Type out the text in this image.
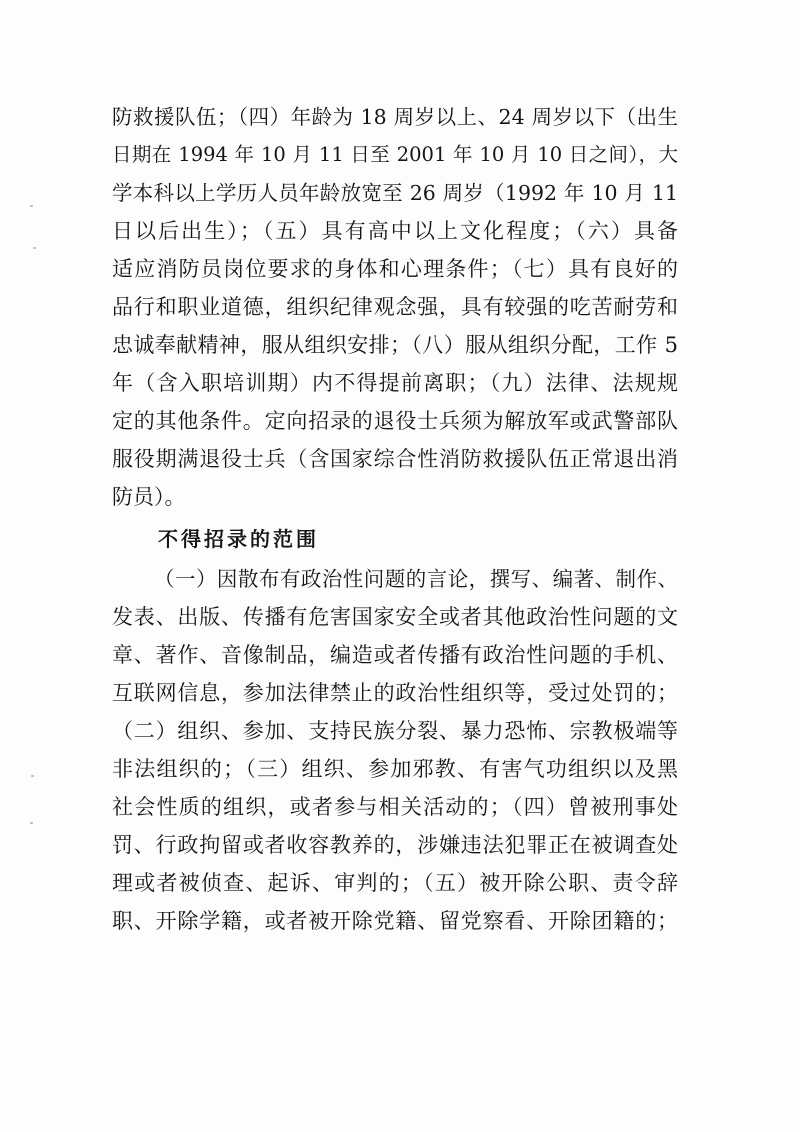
防救援队伍；（四）年龄为 18 周岁以上、24 周岁以下（出生
日期在 1994 年 10 月 11 日至 2001 年 10 月 10 日之间），大
学本科以上学历人员年龄放宽至 26 周岁（1992 年 10 月 11
日以后出生）；（五）具有高中以上文化程度；（六）具备
适应消防员岗位要求的身体和心理条件；（七）具有良好的
品行和职业道德，组织纪律观念强，具有较强的吃苦耐劳和
忠诚奉献精神，服从组织安排；（八）服从组织分配，工作 5
年（含入职培训期）内不得提前离职；（九）法律、法规规
定的其他条件。定向招录的退役士兵须为解放军或武警部队
服役期满退役士兵（含国家综合性消防救援队伍正常退出消
防员）。
不得招录的范围
（一）因散布有政治性问题的言论，撰写、编著、制作、
发表、出版、传播有危害国家安全或者其他政治性问题的文
章、著作、音像制品，编造或者传播有政治性问题的手机、
互联网信息，参加法律禁止的政治性组织等，受过处罚的；
（二）组织、参加、支持民族分裂、暴力恐怖、宗教极端等
非法组织的；（三）组织、参加邪教、有害气功组织以及黑
社会性质的组织，或者参与相关活动的；（四）曾被刑事处
罚、行政拘留或者收容教养的，涉嫌违法犯罪正在被调查处
理或者被侦查、起诉、审判的；（五）被开除公职、责令辞
职、开除学籍，或者被开除党籍、留党察看、开除团籍的；
